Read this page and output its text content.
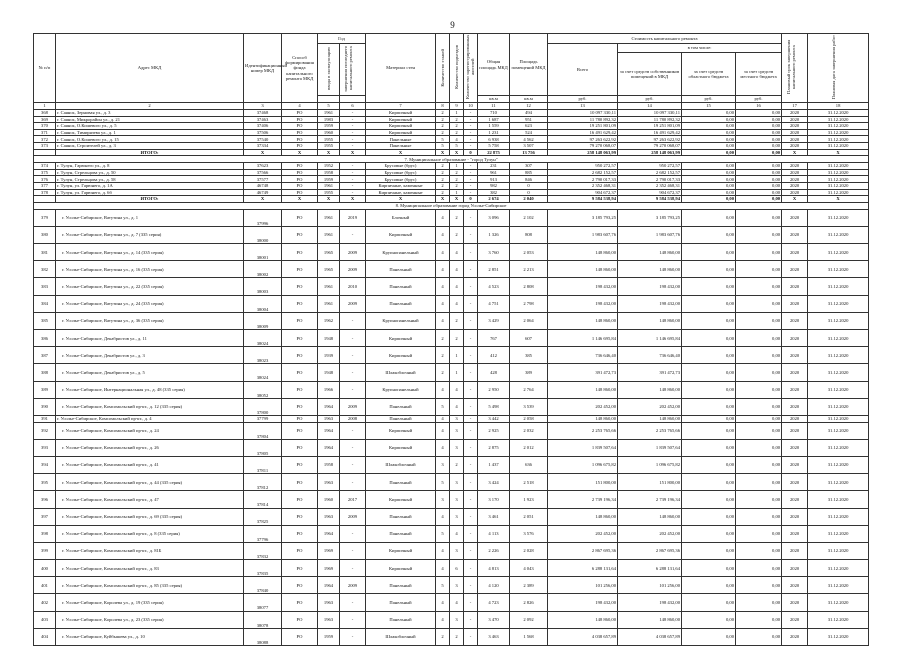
9
№ п/п	Адрес МКД	Идентификационный номер МКД	Способ формирования фонда капитального ремонта МКД	Год		Материал стен	Количество этажей	Количество подъездов	Количество зарегистрированных жителей	Общая площадь МКД	Площадь помещений МКД	Стоимость капитального ремонта				Плановый срок завершения капитального ремонта	Плановая дата завершения работ
				ввода в эксплуатацию	завершения последнего капитального ремонта							Всего	в том числе:				
													за счет средств собственников помещений в МКД	за счет средств областного бюджета	за счет средств местного бюджета		
										кв.м	кв.м	руб.	руб.	руб.	руб.		
1	2	3	4	5	6	7	8	9	10	11	12	13	14	15	16	17	18
368	г. Саянск, Зерновая ул., д. 3	37468	РО	1961	-	Кирпичный	2	1	-	710	494	10 097 330,11	10 097 330,11	0,00	0,00	2020	31.12.2020
369	г. Саянск, Микрорайон ул., д. 21	37463	РО	1983	-	Кирпичный	2	2	-	1 687	951	11 780 892,32	11 780 892,32	0,00	0,00	2020	31.12.2020
370	г. Саянск, О.Кошевого ул., д. 5	37406	РО	1959	-	Кирпичный	2	2	-	1 559	623	19 251 801,09	19 251 801,09	0,00	0,00	2020	31.12.2020
371	г. Саянск, Тимирязева ул., д. 1	37506	РО	1960	-	Кирпичный	2	2	-	1 231	524	16 491 629,42	16 491 629,42	0,00	0,00	2020	31.12.2020
372	г. Саянск, О.Кошевого ул., д. 15	37540	РО	1955	-	Панельные	5	4	-	6 938	4 562	97 263 622,92	97 263 622,92	0,00	0,00	2020	31.12.2020
373	г. Саянск, Строителей ул., д. 3	37334	РО	1955	-	Панельные	5	5	-	5 758	3 507	79 270 068,07	79 270 068,07	0,00	0,00	2020	31.12.2020
	ИТОГО:	X	X	X	X	X	X	X	0	22 875	13 756	258 148 063,99	258 148 063,99	0,00	0,00	X	X
7. Муниципальное образование - "город Тулун"																	
374	г. Тулун, Гарюнего ул., д. 8	37623	РО	1952	-	Брусовые (брус)	2	1	-	231	307	950 272,57	950 272,57	0,00	0,00	2020	31.12.2020
375	г. Тулун, Стрельцова ул., д. 50	37566	РО	1958	-	Брусовые (брус)	2	2	-	961	885	2 682 152,57	2 682 152,57	0,00	0,00	2020	31.12.2020
376	г. Тулун, Стрельцова ул., д. 58	37577	РО	1959	-	Брусовые (брус)	2	2	-	913	846	2 790 017,33	2 790 017,33	0,00	0,00	2020	31.12.2020
377	г. Тулун, ул. Гарюнего, д. 1А	46748	РО	1961	-	Кирпичные, каменные	2	2	-	982	0	2 352 468,31	2 352 468,31	0,00	0,00	2020	31.12.2020
378	г. Тулун, ул. Гарюнего, д. 6б	46749	РО	1955	-	Кирпичные, каменные	2	1	-	382	0	904 672,37	904 672,37	0,00	0,00	2020	31.12.2020
	ИТОГО:	X	X	X	X	X	X	X	0	2 674	2 040	9 584 538,94	9 584 538,94	0,00	0,00	X	X
8. Муниципальное образование город Усолье-Сибирское																	
379	г. Усолье-Сибирское, Ватутина ул., д. 1	37996	РО	1961	2019	Блочный	4	2	-	3 096	2 102	3 185 793,25	3 185 793,25	0,00	0,00	2020	31.12.2020
380	г. Усолье-Сибирское, Ватутина ул., д. 7 (335 серия)	38000	РО	1961	-	Кирпичный	4	2	-	1 326	808	1 983 607,76	1 983 607,76	0,00	0,00	2020	31.12.2020
381	г. Усолье-Сибирское, Ватутина ул., д. 14 (335 серия)	38001	РО	1965	2009	Крупнопанельный	4	4	-	3 760	2 053	148 860,00	148 860,00	0,00	0,00	2020	31.12.2020
382	г. Усолье-Сибирское, Ватутина ул., д. 16 (335 серия)	38002	РО	1965	2009	Панельный	4	4	-	2 851	2 213	148 860,00	148 860,00	0,00	0,00	2020	31.12.2020
383	г. Усолье-Сибирское, Ватутина ул., д. 22 (335 серия)	38003	РО	1961	2010	Панельный	4	4	-	4 523	2 808	198 432,00	198 432,00	0,00	0,00	2020	31.12.2020
384	г. Усолье-Сибирское, Ватутина ул., д. 24 (335 серия)	38004	РО	1961	2009	Панельный	4	4	-	4 751	2 798	198 432,00	198 432,00	0,00	0,00	2020	31.12.2020
385	г. Усолье-Сибирское, Ватутина ул., д. 36 (335 серия)	38009	РО	1962	-	Крупнопанельный	4	2	-	3 429	2 064	148 860,00	148 860,00	0,00	0,00	2020	31.12.2020
386	г. Усолье-Сибирское, Декабристов ул., д. 11	38024	РО	1948	-	Кирпичный	2	2	-	767	607	1 146 695,84	1 146 695,84	0,00	0,00	2020	31.12.2020
387	г. Усолье-Сибирское, Декабристов ул., д. 3	38023	РО	1939	-	Кирпичный	2	1	-	412	385	736 646,40	736 646,40	0,00	0,00	2020	31.12.2020
388	г. Усолье-Сибирское, Декабристов ул., д. 5	38024	РО	1948	-	Шлакоблочный	2	1	-	428	389	391 472,73	391 472,73	0,00	0,00	2020	31.12.2020
389	г. Усолье-Сибирское, Интернациональная ул., д. 48 (335 серия)	38052	РО	1966	-	Крупнопанельный	4	4	-	2 950	2 764	148 860,00	148 860,00	0,00	0,00	2020	31.12.2020
390	г. Усолье-Сибирское, Комсомольский пр-кт., д. 12 (335 серия)	37800	РО	1964	2009	Панельный	5	4	-	5 498	3 539	202 452,00	202 452,00	0,00	0,00	2020	31.12.2020
391	г. Усолье-Сибирское, Комсомольский пр-кт., д. 4	37799	РО	1963	2008	Панельный	4	3	-	3 442	2 058	148 860,00	148 860,00	0,00	0,00	2020	31.12.2020
392	г. Усолье-Сибирское, Комсомольский пр-кт., д. 24	37804	РО	1964	-	Кирпичный	4	3	-	2 925	2 032	2 253 765,66	2 253 765,66	0,00	0,00	2020	31.12.2020
393	г. Усолье-Сибирское, Комсомольский пр-кт., д. 26	37805	РО	1964	-	Кирпичный	4	3	-	2 875	2 012	1 839 507,64	1 839 507,64	0,00	0,00	2020	31.12.2020
394	г. Усолье-Сибирское, Комсомольский пр-кт., д. 41	37811	РО	1958	-	Шлакоблочный	3	2	-	1 437	636	1 096 675,82	1 096 675,82	0,00	0,00	2020	31.12.2020
395	г. Усолье-Сибирское, Комсомольский пр-кт., д. 44 (335 серия)	37812	РО	1963	-	Панельный	5	3	-	3 424	2 518	151 800,00	151 800,00	0,00	0,00	2020	31.12.2020
396	г. Усолье-Сибирское, Комсомольский пр-кт., д. 47	37814	РО	1960	2017	Кирпичный	3	3	-	3 170	1 923	2 739 196,34	2 739 196,34	0,00	0,00	2020	31.12.2020
397	г. Усолье-Сибирское, Комсомольский пр-кт., д. 69 (335 серия)	37825	РО	1963	2009	Панельный	4	3	-	3 461	2 051	148 860,00	148 860,00	0,00	0,00	2020	31.12.2020
398	г. Усолье-Сибирское, Комсомольский пр-кт., д. 8 (335 серия)	37796	РО	1964	-	Панельный	5	4	-	4 113	3 576	202 452,00	202 452,00	0,00	0,00	2020	31.12.2020
399	г. Усолье-Сибирское, Комсомольский пр-кт., д. 81Б	37832	РО	1969	-	Кирпичный	4	3	-	2 226	2 028	2 867 695,36	2 867 695,36	0,00	0,00	2020	31.12.2020
400	г. Усолье-Сибирское, Комсомольский пр-кт., д. 83	37835	РО	1969	-	Кирпичный	4	6	-	4 813	4 043	6 288 131,64	6 288 131,64	0,00	0,00	2020	31.12.2020
401	г. Усолье-Сибирское, Комсомольский пр-кт., д. 85 (335 серия)	37840	РО	1964	2009	Панельный	5	3	-	4 120	2 389	101 256,00	101 256,00	0,00	0,00	2020	31.12.2020
402	г. Усолье-Сибирское, Королева ул., д. 19 (335 серия)	38077	РО	1963	-	Панельный	4	4	-	4 723	2 826	198 432,00	198 432,00	0,00	0,00	2020	31.12.2020
403	г. Усолье-Сибирское, Королева ул., д. 23 (335 серия)	38078	РО	1963	-	Панельный	4	3	-	3 470	2 092	148 860,00	148 860,00	0,00	0,00	2020	31.12.2020
404	г. Усолье-Сибирское, Куйбышева ул., д. 10	38088	РО	1959	-	Шлакоблочный	2	2	-	3 463	1 568	4 038 657,89	4 038 657,89	0,00	0,00	2020	31.12.2020
